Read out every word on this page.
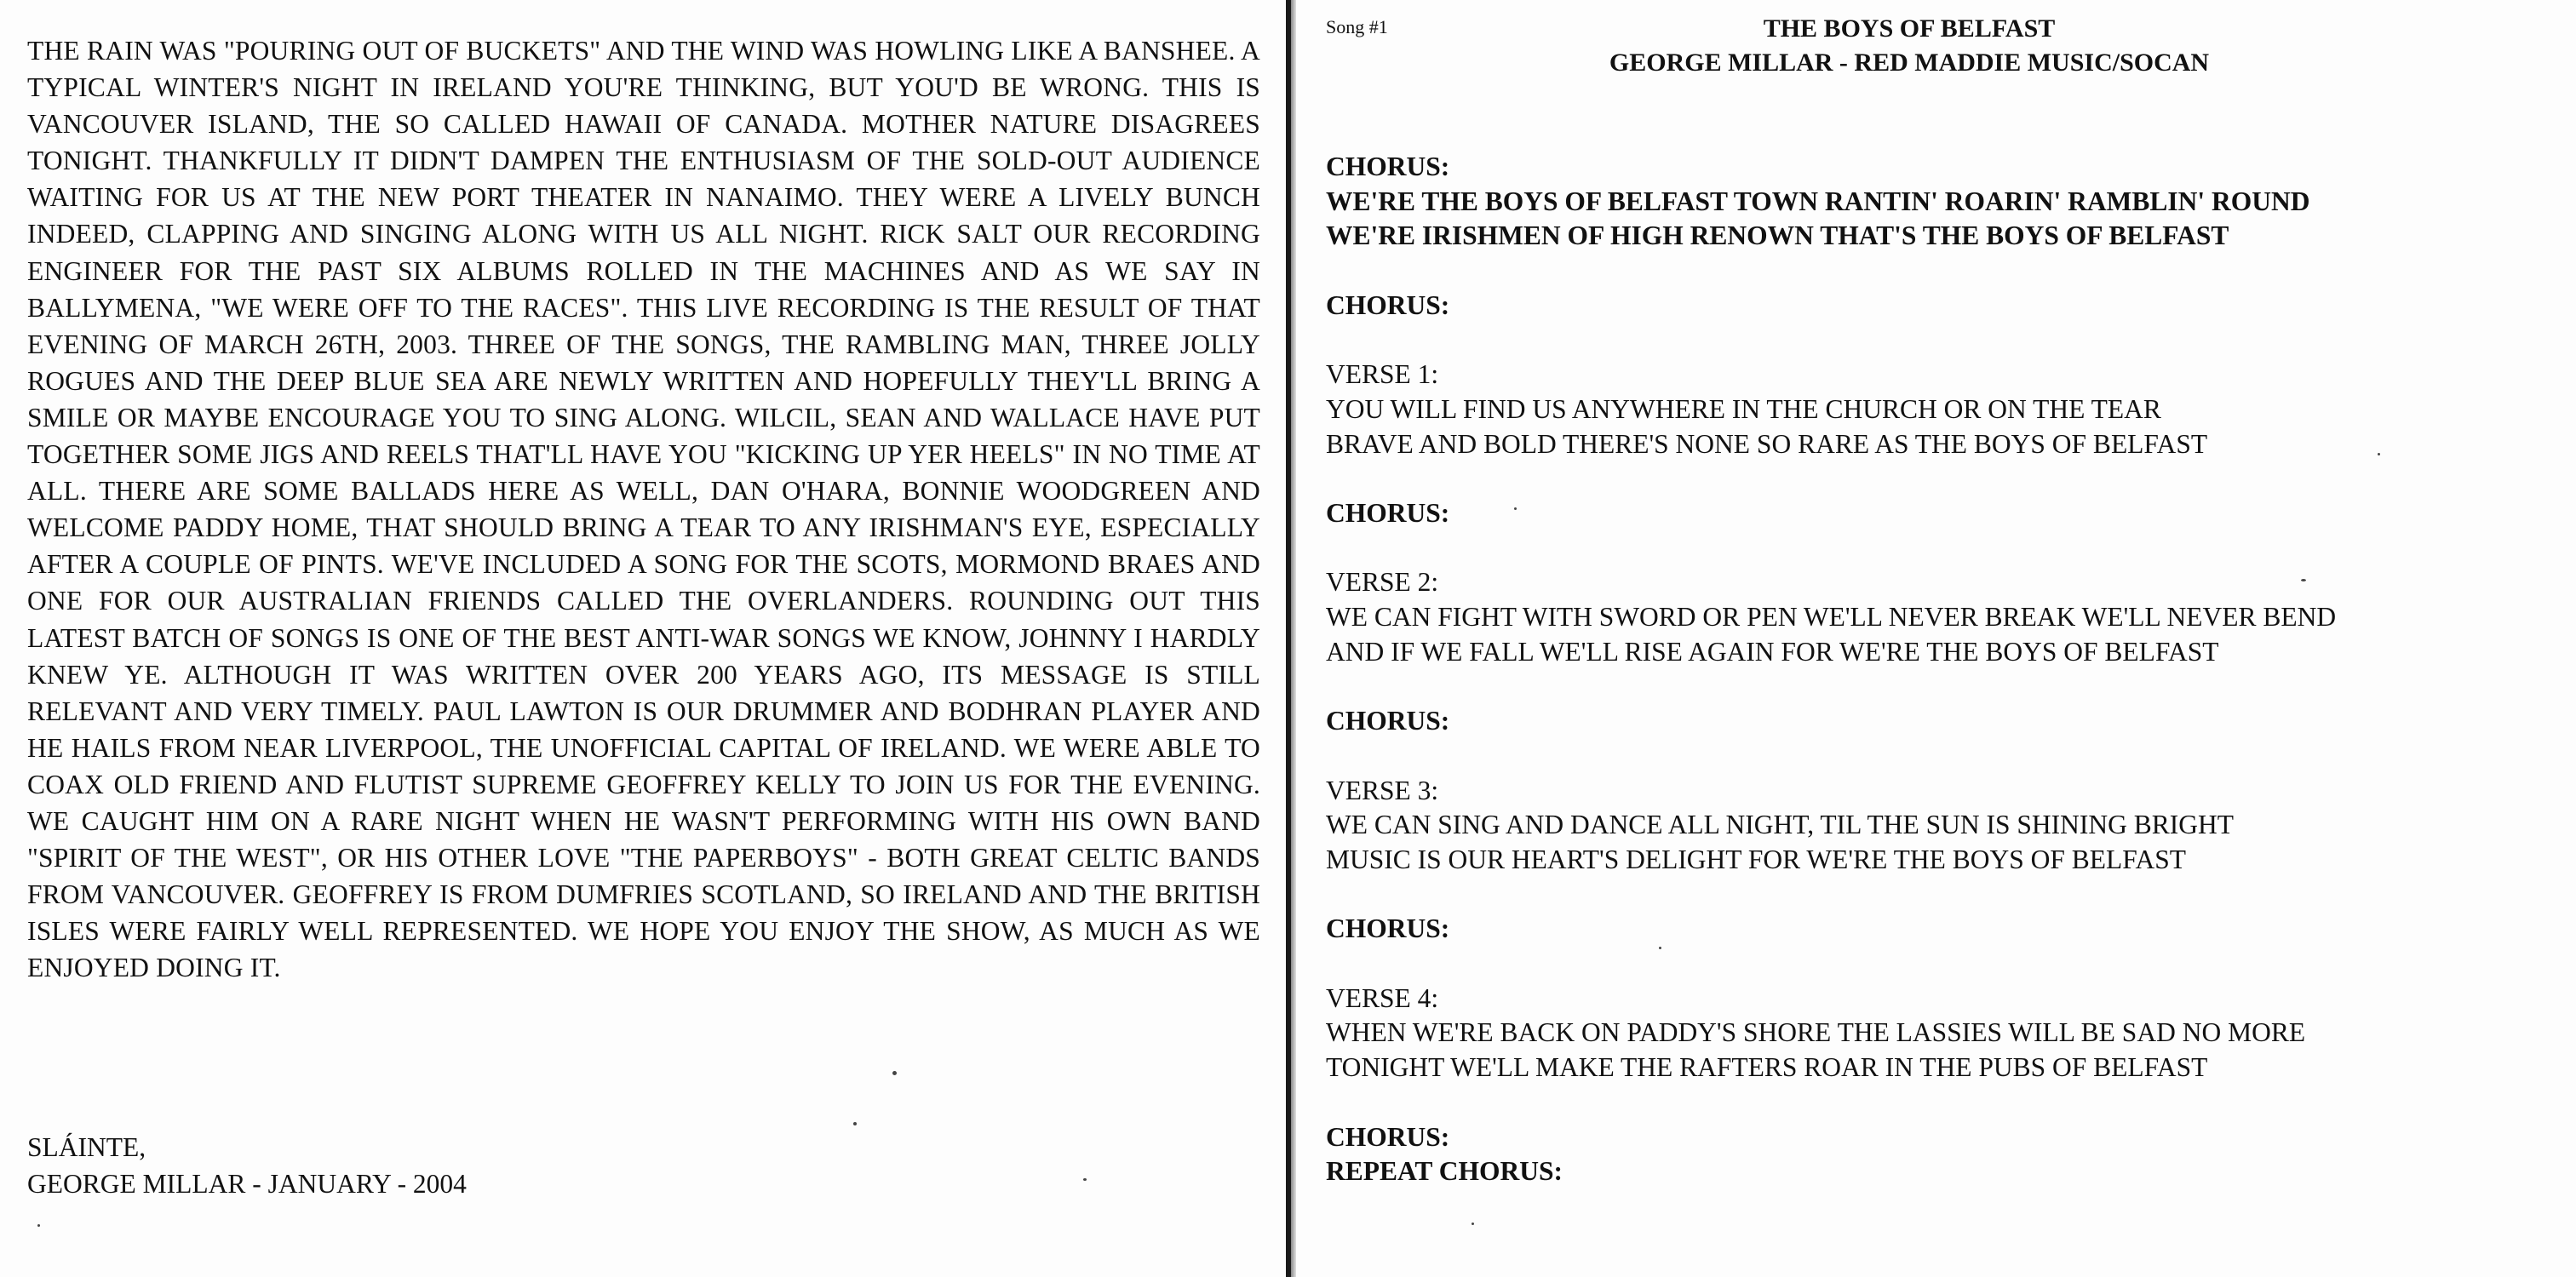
THE RAIN WAS "POURING OUT OF BUCKETS" AND THE WIND WAS HOWLING LIKE A BANSHEE. A TYPICAL WINTER'S NIGHT IN IRELAND YOU'RE THINKING, BUT YOU'D BE WRONG. THIS IS VANCOUVER ISLAND, THE SO CALLED HAWAII OF CANADA. MOTHER NATURE DISAGREES TONIGHT. THANKFULLY IT DIDN'T DAMPEN THE ENTHUSIASM OF THE SOLD-OUT AUDIENCE WAITING FOR US AT THE NEW PORT THEATER IN NANAIMO. THEY WERE A LIVELY BUNCH INDEED, CLAPPING AND SINGING ALONG WITH US ALL NIGHT. RICK SALT OUR RECORDING ENGINEER FOR THE PAST SIX ALBUMS ROLLED IN THE MACHINES AND AS WE SAY IN BALLYMENA, "WE WERE OFF TO THE RACES". THIS LIVE RECORDING IS THE RESULT OF THAT EVENING OF MARCH 26TH, 2003. THREE OF THE SONGS, THE RAMBLING MAN, THREE JOLLY ROGUES AND THE DEEP BLUE SEA ARE NEWLY WRITTEN AND HOPEFULLY THEY'LL BRING A SMILE OR MAYBE ENCOURAGE YOU TO SING ALONG. WILCIL, SEAN AND WALLACE HAVE PUT TOGETHER SOME JIGS AND REELS THAT'LL HAVE YOU "KICKING UP YER HEELS" IN NO TIME AT ALL. THERE ARE SOME BALLADS HERE AS WELL, DAN O'HARA, BONNIE WOODGREEN AND WELCOME PADDY HOME, THAT SHOULD BRING A TEAR TO ANY IRISHMAN'S EYE, ESPECIALLY AFTER A COUPLE OF PINTS. WE'VE INCLUDED A SONG FOR THE SCOTS, MORMOND BRAES AND ONE FOR OUR AUSTRALIAN FRIENDS CALLED THE OVERLANDERS. ROUNDING OUT THIS LATEST BATCH OF SONGS IS ONE OF THE BEST ANTI-WAR SONGS WE KNOW, JOHNNY I HARDLY KNEW YE. ALTHOUGH IT WAS WRITTEN OVER 200 YEARS AGO, ITS MESSAGE IS STILL RELEVANT AND VERY TIMELY. PAUL LAWTON IS OUR DRUMMER AND BODHRAN PLAYER AND HE HAILS FROM NEAR LIVERPOOL, THE UNOFFICIAL CAPITAL OF IRELAND. WE WERE ABLE TO COAX OLD FRIEND AND FLUTIST SUPREME GEOFFREY KELLY TO JOIN US FOR THE EVENING. WE CAUGHT HIM ON A RARE NIGHT WHEN HE WASN'T PERFORMING WITH HIS OWN BAND "SPIRIT OF THE WEST", OR HIS OTHER LOVE "THE PAPERBOYS" - BOTH GREAT CELTIC BANDS FROM VANCOUVER. GEOFFREY IS FROM DUMFRIES SCOTLAND, SO IRELAND AND THE BRITISH ISLES WERE FAIRLY WELL REPRESENTED. WE HOPE YOU ENJOY THE SHOW, AS MUCH AS WE ENJOYED DOING IT.

SLÁINTE,
GEORGE MILLAR - JANUARY - 2004
Song #1	THE BOYS OF BELFAST
GEORGE MILLAR - RED MADDIE MUSIC/SOCAN
CHORUS:
WE'RE THE BOYS OF BELFAST TOWN RANTIN' ROARIN' RAMBLIN' ROUND
WE'RE IRISHMEN OF HIGH RENOWN THAT'S THE BOYS OF BELFAST
CHORUS:
VERSE 1:
YOU WILL FIND US ANYWHERE IN THE CHURCH OR ON THE TEAR
BRAVE AND BOLD THERE'S NONE SO RARE AS THE BOYS OF BELFAST
CHORUS:
VERSE 2:
WE CAN FIGHT WITH SWORD OR PEN WE'LL NEVER BREAK WE'LL NEVER BEND
AND IF WE FALL WE'LL RISE AGAIN FOR WE'RE THE BOYS OF BELFAST
CHORUS:
VERSE 3:
WE CAN SING AND DANCE ALL NIGHT, TIL THE SUN IS SHINING BRIGHT
MUSIC IS OUR HEART'S DELIGHT FOR WE'RE THE BOYS OF BELFAST
CHORUS:
VERSE 4:
WHEN WE'RE BACK ON PADDY'S SHORE THE LASSIES WILL BE SAD NO MORE
TONIGHT WE'LL MAKE THE RAFTERS ROAR IN THE PUBS OF BELFAST
CHORUS:
REPEAT CHORUS:
